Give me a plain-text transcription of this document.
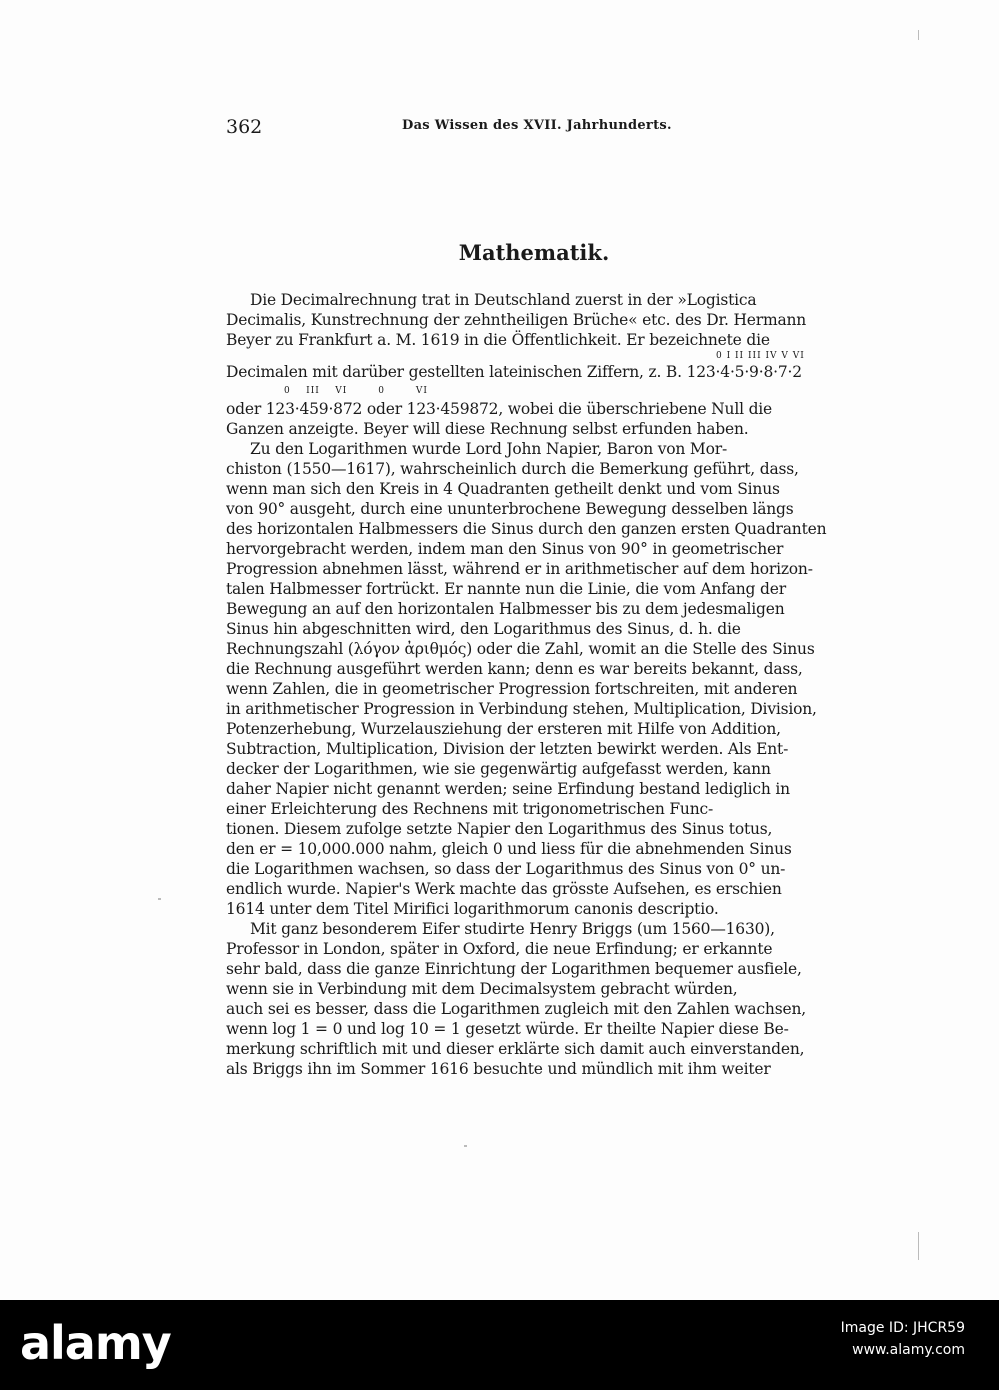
362	Das Wissen des XVII. Jahrhunderts.
Mathematik.
Die Decimalrechnung trat in Deutschland zuerst in der »Logistica
Decimalis, Kunstrechnung der zehntheiligen Brüche« etc. des Dr. Hermann
Beyer zu Frankfurt a. M. 1619 in die Öffentlichkeit. Er bezeichnete die
0 I II III IV V VI
Decimalen mit darüber gestellten lateinischen Ziffern, z. B. 123·4·5·9·8·7·2
0    III    VI        0        VI
oder 123·459·872 oder 123·459872, wobei die überschriebene Null die
Ganzen anzeigte. Beyer will diese Rechnung selbst erfunden haben.
Zu den Logarithmen wurde Lord John Napier, Baron von Mor-
chiston (1550—1617), wahrscheinlich durch die Bemerkung geführt, dass,
wenn man sich den Kreis in 4 Quadranten getheilt denkt und vom Sinus
von 90° ausgeht, durch eine ununterbrochene Bewegung desselben längs
des horizontalen Halbmessers die Sinus durch den ganzen ersten Quadranten
hervorgebracht werden, indem man den Sinus von 90° in geometrischer
Progression abnehmen lässt, während er in arithmetischer auf dem horizon-
talen Halbmesser fortrückt. Er nannte nun die Linie, die vom Anfang der
Bewegung an auf den horizontalen Halbmesser bis zu dem jedesmaligen
Sinus hin abgeschnitten wird, den Logarithmus des Sinus, d. h. die
Rechnungszahl (λόγον ἀριθμός) oder die Zahl, womit an die Stelle des Sinus
die Rechnung ausgeführt werden kann; denn es war bereits bekannt, dass,
wenn Zahlen, die in geometrischer Progression fortschreiten, mit anderen
in arithmetischer Progression in Verbindung stehen, Multiplication, Division,
Potenzerhebung, Wurzelausziehung der ersteren mit Hilfe von Addition,
Subtraction, Multiplication, Division der letzten bewirkt werden. Als Ent-
decker der Logarithmen, wie sie gegenwärtig aufgefasst werden, kann
daher Napier nicht genannt werden; seine Erfindung bestand lediglich in
einer Erleichterung des Rechnens mit trigonometrischen Func-
tionen. Diesem zufolge setzte Napier den Logarithmus des Sinus totus,
den er = 10,000.000 nahm, gleich 0 und liess für die abnehmenden Sinus
die Logarithmen wachsen, so dass der Logarithmus des Sinus von 0° un-
endlich wurde. Napier's Werk machte das grösste Aufsehen, es erschien
1614 unter dem Titel Mirifici logarithmorum canonis descriptio.
Mit ganz besonderem Eifer studirte Henry Briggs (um 1560—1630),
Professor in London, später in Oxford, die neue Erfindung; er erkannte
sehr bald, dass die ganze Einrichtung der Logarithmen bequemer ausfiele,
wenn sie in Verbindung mit dem Decimalsystem gebracht würden,
auch sei es besser, dass die Logarithmen zugleich mit den Zahlen wachsen,
wenn log 1 = 0 und log 10 = 1 gesetzt würde. Er theilte Napier diese Be-
merkung schriftlich mit und dieser erklärte sich damit auch einverstanden,
als Briggs ihn im Sommer 1616 besuchte und mündlich mit ihm weiter
alamy	Image ID: JHCR59
www.alamy.com
